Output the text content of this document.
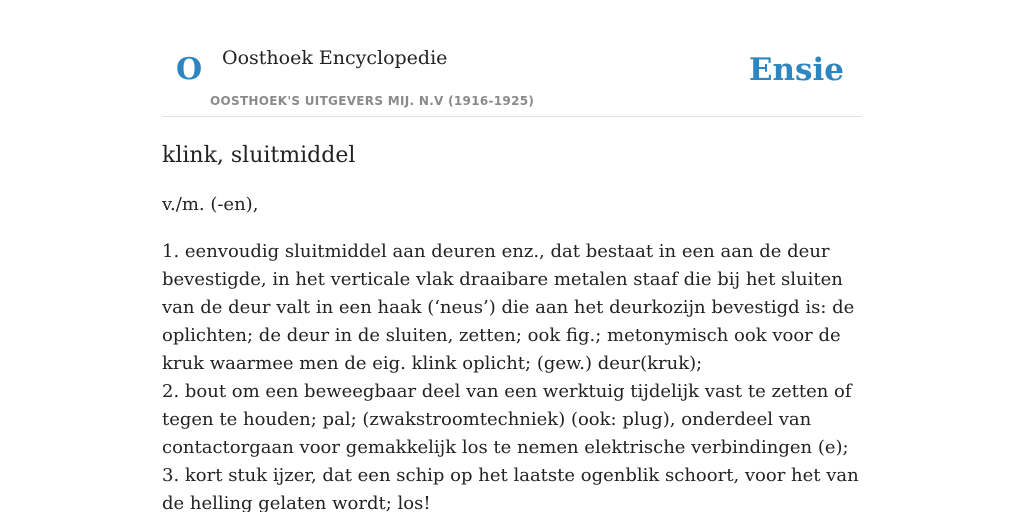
O Oosthoek Encyclopedie
OOSTHOEK'S UITGEVERS MIJ. N.V (1916-1925)
Ensie
klink, sluitmiddel

v./m. (-en),

1. eenvoudig sluitmiddel aan deuren enz., dat bestaat in een aan de deur bevestigde, in het verticale vlak draaibare metalen staaf die bij het sluiten van de deur valt in een haak (‘neus’) die aan het deurkozijn bevestigd is: de oplichten; de deur in de sluiten, zetten; ook fig.; metonymisch ook voor de kruk waarmee men de eig. klink oplicht; (gew.) deur(kruk);
2. bout om een beweegbaar deel van een werktuig tijdelijk vast te zetten of tegen te houden; pal; (zwakstroomtechniek) (ook: plug), onderdeel van contactorgaan voor gemakkelijk los te nemen elektrische verbindingen (e);
3. kort stuk ijzer, dat een schip op het laatste ogenblik schoort, voor het van de helling gelaten wordt; los!
